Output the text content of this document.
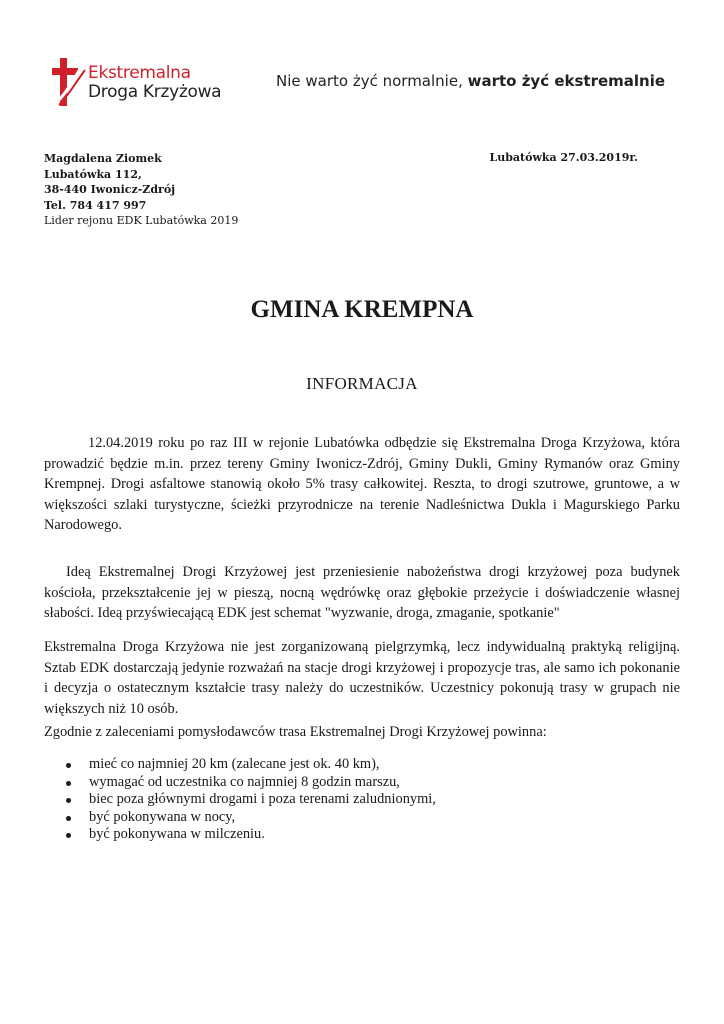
Ekstremalna
Droga Krzyżowa
Nie warto żyć normalnie, warto żyć ekstremalnie
Magdalena Ziomek
Lubatówka 112,
38-440 Iwonicz-Zdrój
Tel. 784 417 997
Lider rejonu EDK Lubatówka 2019
Lubatówka 27.03.2019r.
GMINA KREMPNA
INFORMACJA

12.04.2019 roku po raz III w rejonie Lubatówka odbędzie się Ekstremalna Droga Krzyżowa, która prowadzić będzie m.in. przez tereny Gminy Iwonicz-Zdrój, Gminy Dukli, Gminy Rymanów oraz Gminy Krempnej. Drogi asfaltowe stanowią około 5% trasy całkowitej. Reszta, to drogi szutrowe, gruntowe, a w większości szlaki turystyczne, ścieżki przyrodnicze na terenie Nadleśnictwa Dukla i Magurskiego Parku Narodowego.

Ideą Ekstremalnej Drogi Krzyżowej jest przeniesienie nabożeństwa drogi krzyżowej poza budynek kościoła, przekształcenie jej w pieszą, nocną wędrówkę oraz głębokie przeżycie i doświadczenie własnej słabości. Ideą przyświecającą EDK jest schemat "wyzwanie, droga, zmaganie, spotkanie"

Ekstremalna Droga Krzyżowa nie jest zorganizowaną pielgrzymką, lecz indywidualną praktyką religijną. Sztab EDK dostarczają jedynie rozważań na stacje drogi krzyżowej i propozycje tras, ale samo ich pokonanie i decyzja o ostatecznym kształcie trasy należy do uczestników. Uczestnicy pokonują trasy w grupach nie większych niż 10 osób.

Zgodnie z zaleceniami pomysłodawców trasa Ekstremalnej Drogi Krzyżowej powinna:

mieć co najmniej 20 km (zalecane jest ok. 40 km),
wymagać od uczestnika co najmniej 8 godzin marszu,
biec poza głównymi drogami i poza terenami zaludnionymi,
być pokonywana w nocy,
być pokonywana w milczeniu.
